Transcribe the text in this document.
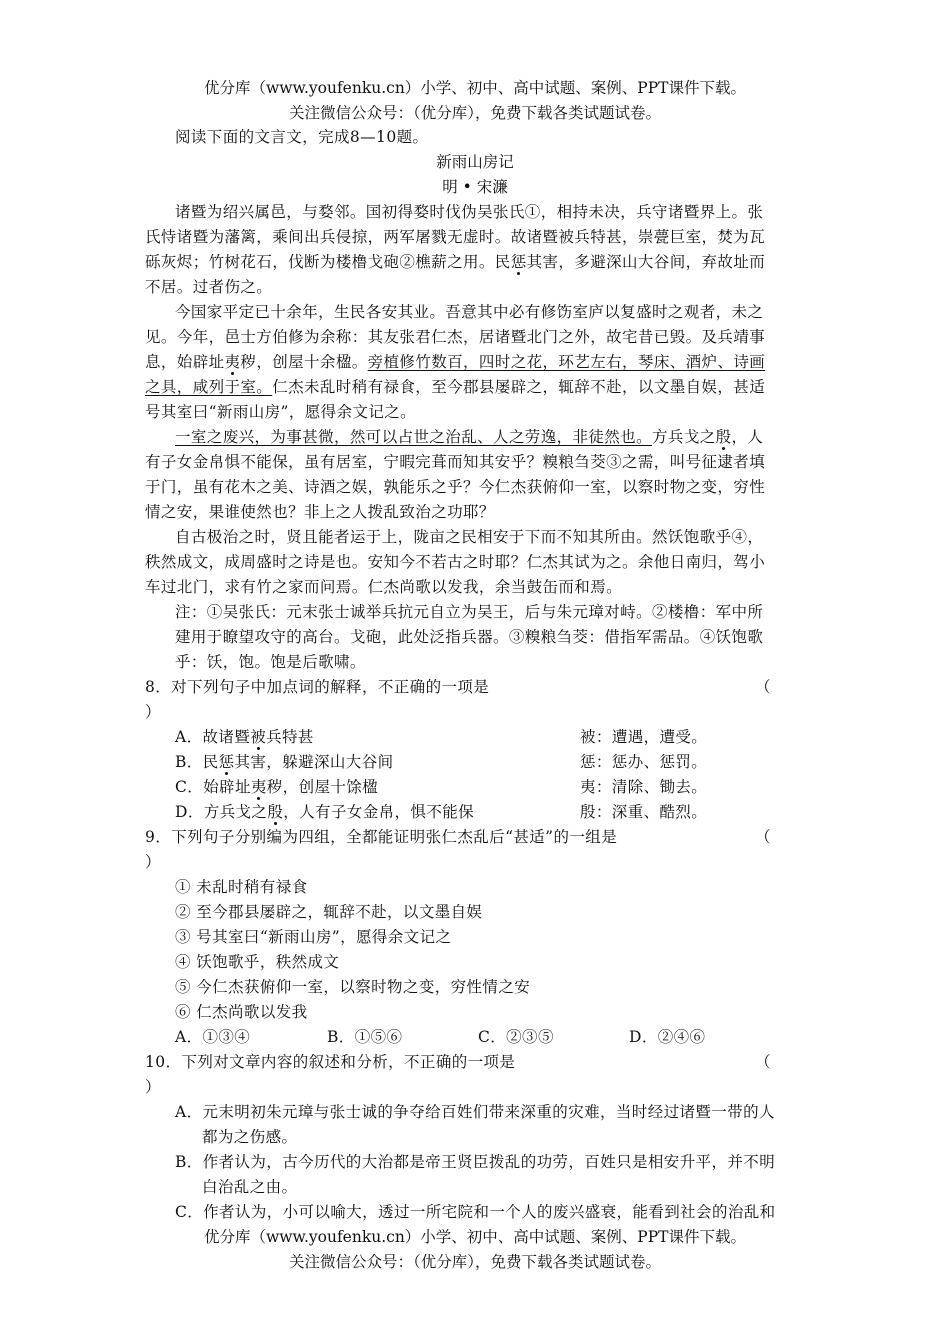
优分库（www.youfenku.cn）小学、初中、高中试题、案例、PPT课件下载。
关注微信公众号：（优分库），免费下载各类试题试卷。
阅读下面的文言文，完成8—10题。
新雨山房记
明 • 宋濂
诸暨为绍兴属邑，与婺邻。国初得婺时伐伪吴张氏①，相持未决，兵守诸暨界上。张
氏恃诸暨为藩篱，乘间出兵侵掠，两军屠戮无虚时。故诸暨被兵特甚，崇甍巨室，焚为瓦
砾灰烬；竹树花石，伐断为楼橹戈砲②樵薪之用。民惩其害，多避深山大谷间，弃故址而
不居。过者伤之。
今国家平定已十余年，生民各安其业。吾意其中必有修饬室庐以复盛时之观者，未之
见。今年，邑士方伯修为余称：其友张君仁杰，居诸暨北门之外，故宅昔已毁。及兵靖事
息，始辟址夷秽，创屋十余楹。旁植修竹数百，四时之花，环艺左右，琴床、酒炉、诗画
之具，咸列于室。仁杰未乱时稍有禄食，至今郡县屡辟之，辄辞不赴，以文墨自娱，甚适
号其室曰“新雨山房”，愿得余文记之。
一室之废兴，为事甚微，然可以占世之治乱、人之劳逸，非徒然也。方兵戈之殷，人
有子女金帛惧不能保，虽有居室，宁暇完葺而知其安乎？糗粮刍茭③之需，叫号征逮者填
于门，虽有花木之美、诗酒之娱，孰能乐之乎？今仁杰获俯仰一室，以察时物之变，穷性
情之安，果谁使然也？非上之人拨乱致治之功耶？
自古极治之时，贤且能者运于上，陇亩之民相安于下而不知其所由。然饫饱歌乎④，
秩然成文，成周盛时之诗是也。安知今不若古之时耶？仁杰其试为之。余他日南归，驾小
车过北门，求有竹之家而问焉。仁杰尚歌以发我，余当鼓缶而和焉。
注：①吴张氏：元末张士诚举兵抗元自立为吴王，后与朱元璋对峙。②楼橹：军中所
建用于瞭望攻守的高台。戈砲，此处泛指兵器。③糗粮刍茭：借指军需品。④饫饱歌
乎：饫，饱。饱是后歌啸。
8．对下列句子中加点词的解释，不正确的一项是	（
）
A．故诸暨被兵特甚	被：遭遇，遭受。
B．民惩其害，躲避深山大谷间	惩：惩办、惩罚。
C．始辟址夷秽，创屋十馀楹	夷：清除、锄去。
D．方兵戈之殷，人有子女金帛，惧不能保	殷：深重、酷烈。
9．下列句子分别编为四组，全都能证明张仁杰乱后“甚适”的一组是	（
）
① 未乱时稍有禄食
② 至今郡县屡辟之，辄辞不赴，以文墨自娱
③ 号其室曰“新雨山房”，愿得余文记之
④ 饫饱歌乎，秩然成文
⑤ 今仁杰获俯仰一室，以察时物之变，穷性情之安
⑥ 仁杰尚歌以发我
A．①③④	B．①⑤⑥	C．②③⑤	D．②④⑥
10．下列对文章内容的叙述和分析，不正确的一项是	（
）
A．元末明初朱元璋与张士诚的争夺给百姓们带来深重的灾难，当时经过诸暨一带的人
都为之伤感。
B．作者认为，古今历代的大治都是帝王贤臣拨乱的功劳，百姓只是相安升平，并不明
白治乱之由。
C．作者认为，小可以喻大，透过一所宅院和一个人的废兴盛衰，能看到社会的治乱和
优分库（www.youfenku.cn）小学、初中、高中试题、案例、PPT课件下载。
关注微信公众号：（优分库），免费下载各类试题试卷。
